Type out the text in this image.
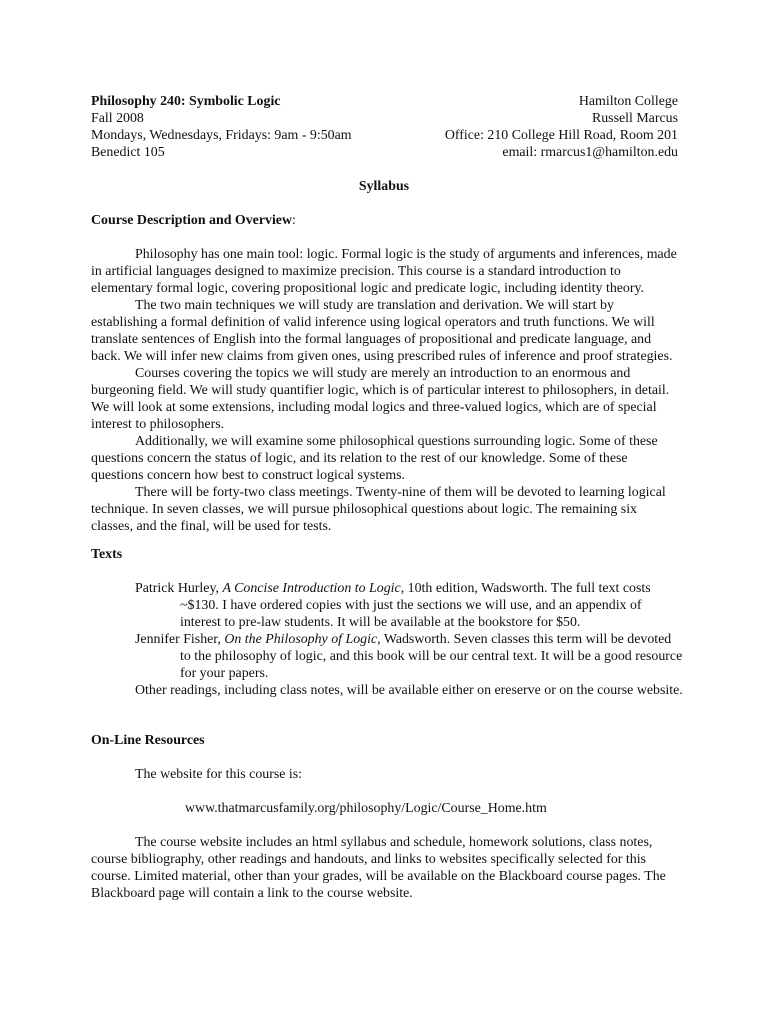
Philosophy 240: Symbolic Logic
Fall 2008
Mondays, Wednesdays, Fridays: 9am - 9:50am
Benedict 105
Hamilton College
Russell Marcus
Office: 210 College Hill Road, Room 201
email: rmarcus1@hamilton.edu
Syllabus
Course Description and Overview:

Philosophy has one main tool: logic. Formal logic is the study of arguments and inferences, made in artificial languages designed to maximize precision. This course is a standard introduction to elementary formal logic, covering propositional logic and predicate logic, including identity theory.

The two main techniques we will study are translation and derivation. We will start by establishing a formal definition of valid inference using logical operators and truth functions. We will translate sentences of English into the formal languages of propositional and predicate language, and back. We will infer new claims from given ones, using prescribed rules of inference and proof strategies.

Courses covering the topics we will study are merely an introduction to an enormous and burgeoning field. We will study quantifier logic, which is of particular interest to philosophers, in detail. We will look at some extensions, including modal logics and three-valued logics, which are of special interest to philosophers.

Additionally, we will examine some philosophical questions surrounding logic. Some of these questions concern the status of logic, and its relation to the rest of our knowledge. Some of these questions concern how best to construct logical systems.

There will be forty-two class meetings. Twenty-nine of them will be devoted to learning logical technique. In seven classes, we will pursue philosophical questions about logic. The remaining six classes, and the final, will be used for tests.

Texts
Patrick Hurley, A Concise Introduction to Logic, 10th edition, Wadsworth. The full text costs ~$130. I have ordered copies with just the sections we will use, and an appendix of interest to pre-law students. It will be available at the bookstore for $50.
Jennifer Fisher, On the Philosophy of Logic, Wadsworth. Seven classes this term will be devoted to the philosophy of logic, and this book will be our central text. It will be a good resource for your papers.
Other readings, including class notes, will be available either on ereserve or on the course website.
On-Line Resources
The website for this course is:
www.thatmarcusfamily.org/philosophy/Logic/Course_Home.htm

The course website includes an html syllabus and schedule, homework solutions, class notes, course bibliography, other readings and handouts, and links to websites specifically selected for this course. Limited material, other than your grades, will be available on the Blackboard course pages. The Blackboard page will contain a link to the course website.
